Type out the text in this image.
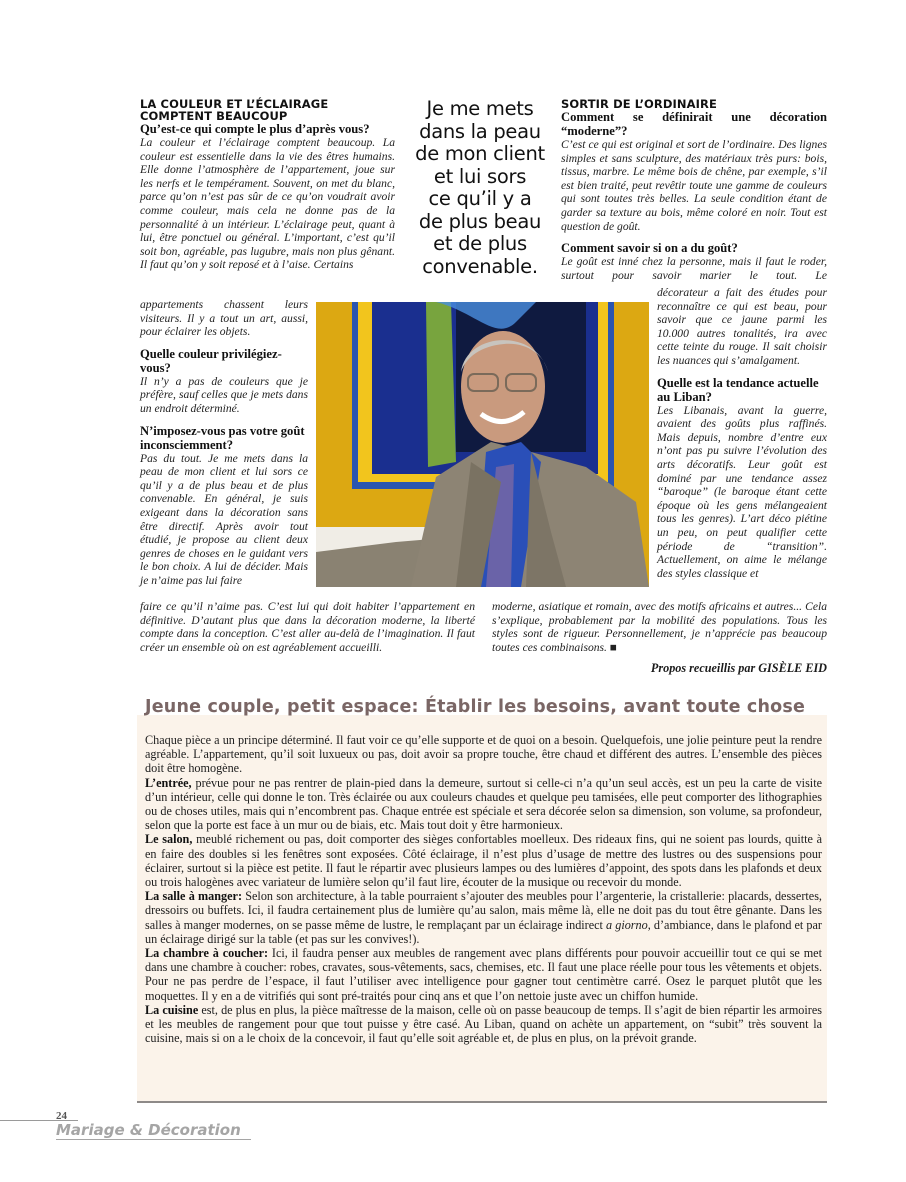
LA COULEUR ET L’ÉCLAIRAGE
COMPTENT BEAUCOUP
Qu’est-ce qui compte le plus d’après vous?
La couleur et l’éclairage comptent beaucoup. La couleur est essentielle dans la vie des êtres humains. Elle donne l’atmosphère de l’appartement, joue sur les nerfs et le tempérament. Souvent, on met du blanc, parce qu’on n’est pas sûr de ce qu’on voudrait avoir comme couleur, mais cela ne donne pas de la personnalité à un intérieur. L’éclairage peut, quant à lui, être ponctuel ou général. L’important, c’est qu’il soit bon, agréable, pas lugubre, mais non plus gênant. Il faut qu’on y soit reposé et à l’aise. Certains
appartements chassent leurs visiteurs. Il y a tout un art, aussi, pour éclairer les objets.
Quelle couleur privilégiez-vous?
Il n’y a pas de couleurs que je préfère, sauf celles que je mets dans un endroit déterminé.
N’imposez-vous pas votre goût inconsciemment?
Pas du tout. Je me mets dans la peau de mon client et lui sors ce qu’il y a de plus beau et de plus convenable. En général, je suis exigeant dans la décoration sans être directif. Après avoir tout étudié, je propose au client deux genres de choses en le guidant vers le bon choix. A lui de décider. Mais je n’aime pas lui faire
Je me mets
dans la peau
de mon client
et lui sors
ce qu’il y a
de plus beau
et de plus
convenable.
SORTIR DE L’ORDINAIRE
Comment se définirait une décoration “moderne”?
C’est ce qui est original et sort de l’ordinaire. Des lignes simples et sans sculpture, des matériaux très purs: bois, tissus, marbre. Le même bois de chêne, par exemple, s’il est bien traité, peut revêtir toute une gamme de couleurs qui sont toutes très belles. La seule condition étant de garder sa texture au bois, même coloré en noir. Tout est question de goût.
Comment savoir si on a du goût?
Le goût est inné chez la personne, mais il faut le roder, surtout pour savoir marier le tout. Le
décorateur a fait des études pour reconnaître ce qui est beau, pour savoir que ce jaune parmi les 10.000 autres tonalités, ira avec cette teinte du rouge. Il sait choisir les nuances qui s’amalgament.
Quelle est la tendance actuelle au Liban?
Les Libanais, avant la guerre, avaient des goûts plus raffinés. Mais depuis, nombre d’entre eux n’ont pas pu suivre l’évolution des arts décoratifs. Leur goût est dominé par une tendance assez “baroque” (le baroque étant cette époque où les gens mélangeaient tous les genres). L’art déco piétine un peu, on peut qualifier cette période de “transition”. Actuellement, on aime le mélange des styles classique et
faire ce qu’il n’aime pas. C’est lui qui doit habiter l’appartement en définitive. D’autant plus que dans la décoration moderne, la liberté compte dans la conception. C’est aller au-delà de l’imagination. Il faut créer un ensemble où on est agréablement accueilli.
moderne, asiatique et romain, avec des motifs africains et autres... Cela s’explique, probablement par la mobilité des populations. Tous les styles sont de rigueur. Personnellement, je n’apprécie pas beaucoup toutes ces combinaisons. ■
Propos recueillis par GISÈLE EID
Jeune couple, petit espace: Établir les besoins, avant toute chose

Chaque pièce a un principe déterminé. Il faut voir ce qu’elle supporte et de quoi on a besoin. Quelquefois, une jolie peinture peut la rendre agréable. L’appartement, qu’il soit luxueux ou pas, doit avoir sa propre touche, être chaud et différent des autres. L’ensemble des pièces doit être homogène.

L’entrée, prévue pour ne pas rentrer de plain-pied dans la demeure, surtout si celle-ci n’a qu’un seul accès, est un peu la carte de visite d’un intérieur, celle qui donne le ton. Très éclairée ou aux couleurs chaudes et quelque peu tamisées, elle peut comporter des lithographies ou de choses utiles, mais qui n’encombrent pas. Chaque entrée est spéciale et sera décorée selon sa dimension, son volume, sa profondeur, selon que la porte est face à un mur ou de biais, etc. Mais tout doit y être harmonieux.

Le salon, meublé richement ou pas, doit comporter des sièges confortables moelleux. Des rideaux fins, qui ne soient pas lourds, quitte à en faire des doubles si les fenêtres sont exposées. Côté éclairage, il n’est plus d’usage de mettre des lustres ou des suspensions pour éclairer, surtout si la pièce est petite. Il faut le répartir avec plusieurs lampes ou des lumières d’appoint, des spots dans les plafonds et deux ou trois halogènes avec variateur de lumière selon qu’il faut lire, écouter de la musique ou recevoir du monde.

La salle à manger: Selon son architecture, à la table pourraient s’ajouter des meubles pour l’argenterie, la cristallerie: placards, dessertes, dressoirs ou buffets. Ici, il faudra certainement plus de lumière qu’au salon, mais même là, elle ne doit pas du tout être gênante. Dans les salles à manger modernes, on se passe même de lustre, le remplaçant par un éclairage indirect a giorno, d’ambiance, dans le plafond et par un éclairage dirigé sur la table (et pas sur les convives!).

La chambre à coucher: Ici, il faudra penser aux meubles de rangement avec plans différents pour pouvoir accueillir tout ce qui se met dans une chambre à coucher: robes, cravates, sous-vêtements, sacs, chemises, etc. Il faut une place réelle pour tous les vêtements et objets. Pour ne pas perdre de l’espace, il faut l’utiliser avec intelligence pour gagner tout centimètre carré. Osez le parquet plutôt que les moquettes. Il y en a de vitrifiés qui sont pré-traités pour cinq ans et que l’on nettoie juste avec un chiffon humide.

La cuisine est, de plus en plus, la pièce maîtresse de la maison, celle où on passe beaucoup de temps. Il s’agit de bien répartir les armoires et les meubles de rangement pour que tout puisse y être casé. Au Liban, quand on achète un appartement, on “subit” très souvent la cuisine, mais si on a le choix de la concevoir, il faut qu’elle soit agréable et, de plus en plus, on la prévoit grande.

24
Mariage & Décoration
